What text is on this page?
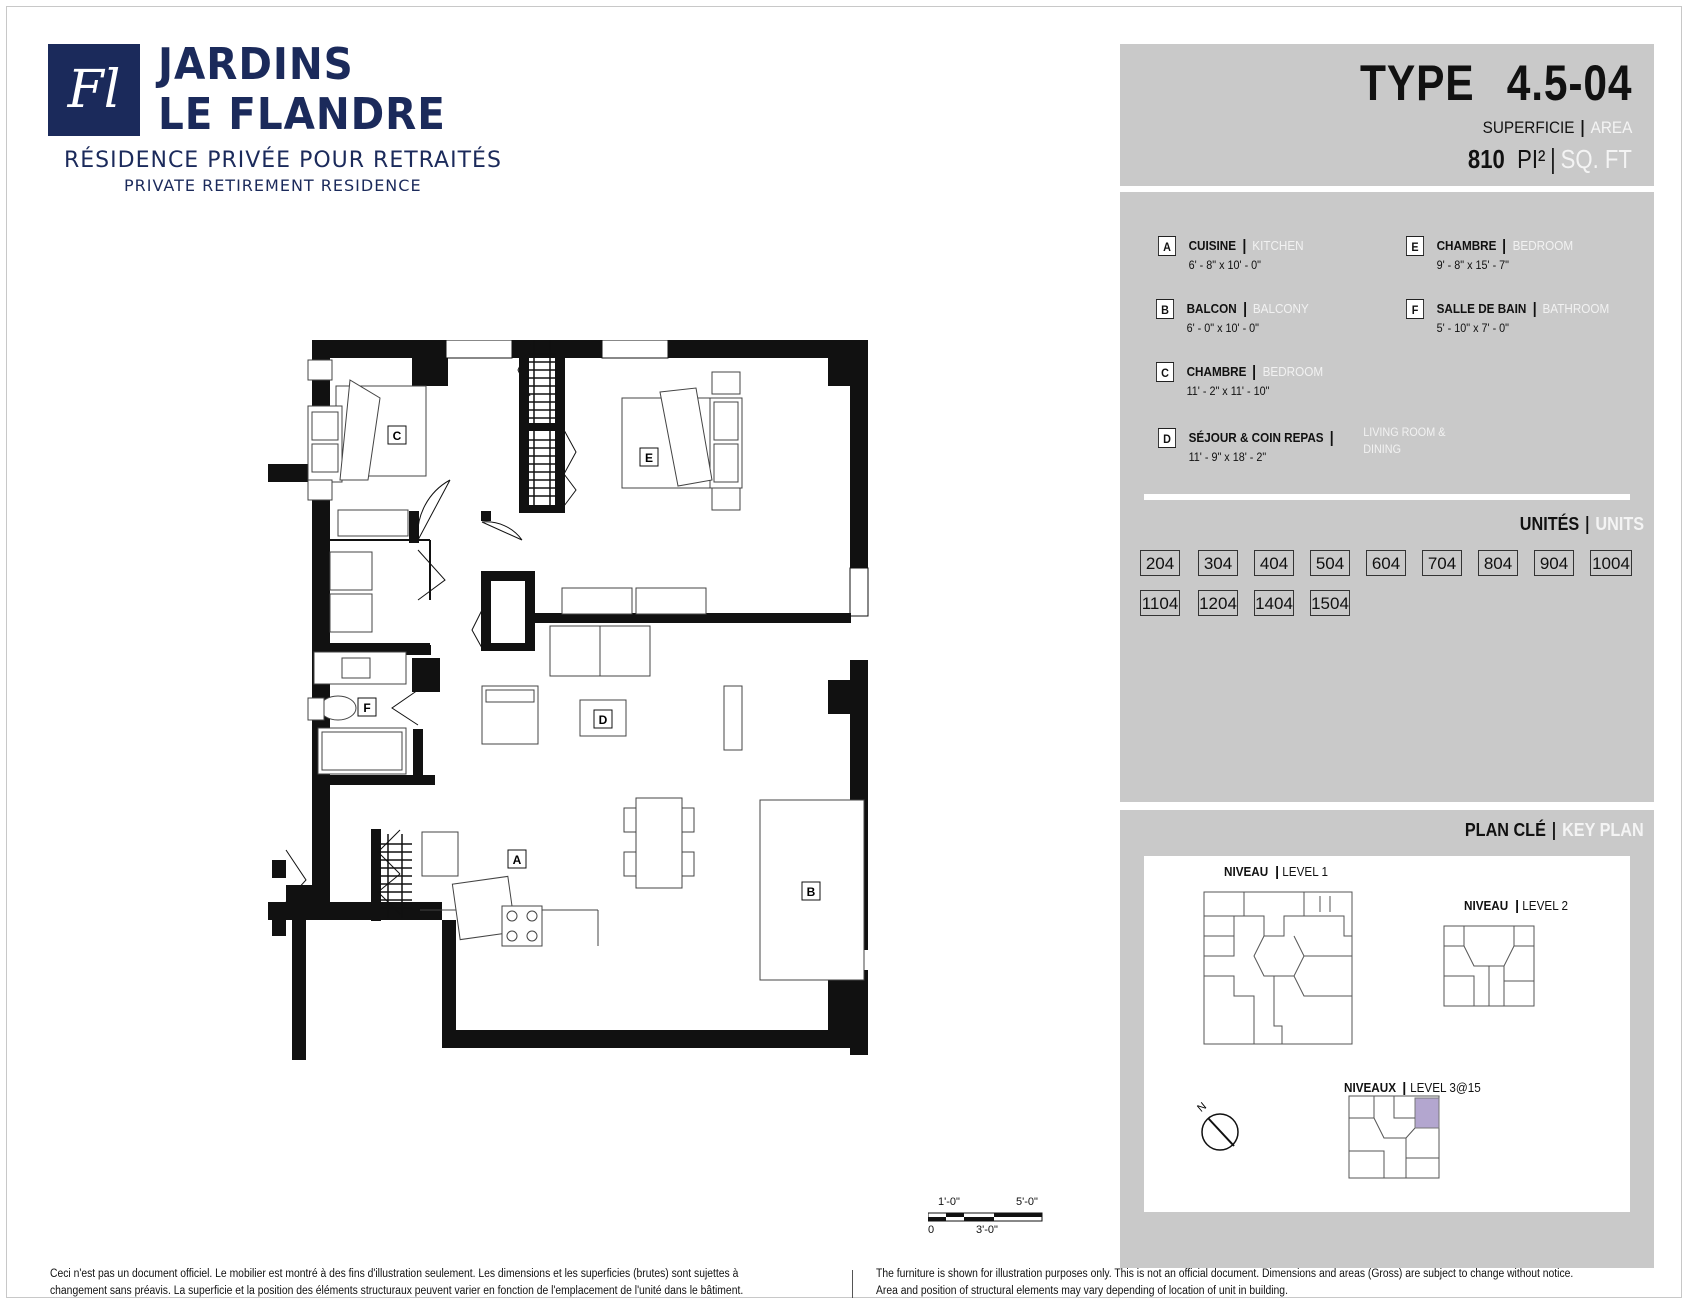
Fl JARDINS
LE FLANDRE
RÉSIDENCE PRIVÉE POUR RETRAITÉS
PRIVATE RETIREMENT RESIDENCE
TYPE 4.5-04
SUPERFICIE AREA
810 PI² SQ. FT
A	CUISINE KITCHEN
6' - 8" x 10' - 0"
B	BALCON BALCONY
6' - 0" x 10' - 0"
C	CHAMBRE BEDROOM
11' - 2" x 11' - 10"
D	SÉJOUR & COIN REPAS	LIVING ROOM &
DINING
11' - 9" x 18' - 2"
E	CHAMBRE BEDROOM
9' - 8" x 15' - 7"
F	SALLE DE BAIN BATHROOM
5' - 10" x 7' - 0"
UNITÉS UNITS
204	304	404	504	604	704	804	904	1004
1104 1204 1404 1504
PLAN CLÉ KEY PLAN
NIVEAU LEVEL 1
NIVEAU LEVEL 2
NIVEAUX LEVEL 3@15
N
C
E
D
F
A
B
1'-0"	5'-0"
0	3'-0"
Ceci n'est pas un document officiel. Le mobilier est montré à des fins d'illustration seulement. Les dimensions et les superficies (brutes) sont sujettes à
changement sans préavis. La superficie et la position des éléments structuraux peuvent varier en fonction de l'emplacement de l'unité dans le bâtiment.
The furniture is shown for illustration purposes only. This is not an official document. Dimensions and areas (Gross) are subject to change without notice.
Area and position of structural elements may vary depending of location of unit in building.
